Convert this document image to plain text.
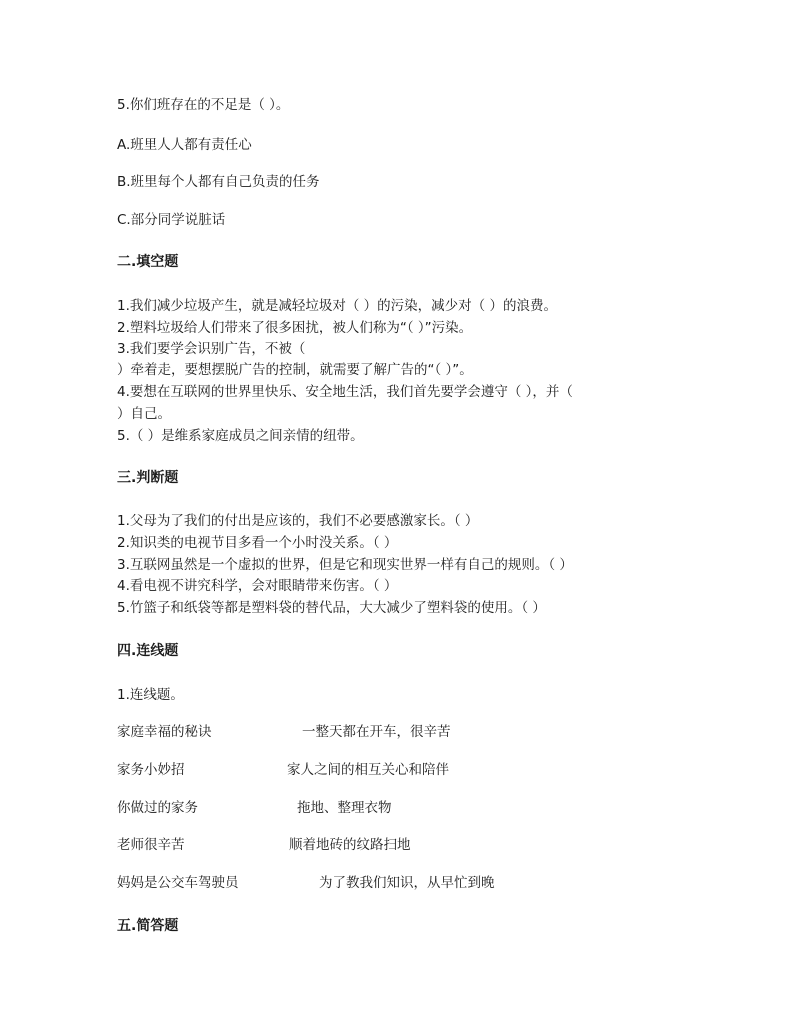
5.你们班存在的不足是（ ）。
A.班里人人都有责任心
B.班里每个人都有自己负责的任务
C.部分同学说脏话
二.填空题
1.我们减少垃圾产生，就是减轻垃圾对（ ）的污染，减少对（ ）的浪费。
2.塑料垃圾给人们带来了很多困扰，被人们称为“（ ）”污染。
3.我们要学会识别广告，不被（
）牵着走，要想摆脱广告的控制，就需要了解广告的“（ ）”。
4.要想在互联网的世界里快乐、安全地生活，我们首先要学会遵守（ ），并（
）自己。
5.（ ）是维系家庭成员之间亲情的纽带。
三.判断题
1.父母为了我们的付出是应该的，我们不必要感激家长。（ ）
2.知识类的电视节目多看一个小时没关系。（ ）
3.互联网虽然是一个虚拟的世界，但是它和现实世界一样有自己的规则。（ ）
4.看电视不讲究科学，会对眼睛带来伤害。（ ）
5.竹篮子和纸袋等都是塑料袋的替代品，大大减少了塑料袋的使用。（ ）
四.连线题
1.连线题。
家庭幸福的秘诀	一整天都在开车，很辛苦
家务小妙招	家人之间的相互关心和陪伴
你做过的家务	拖地、整理衣物
老师很辛苦	顺着地砖的纹路扫地
妈妈是公交车驾驶员	为了教我们知识，从早忙到晚
五.简答题
